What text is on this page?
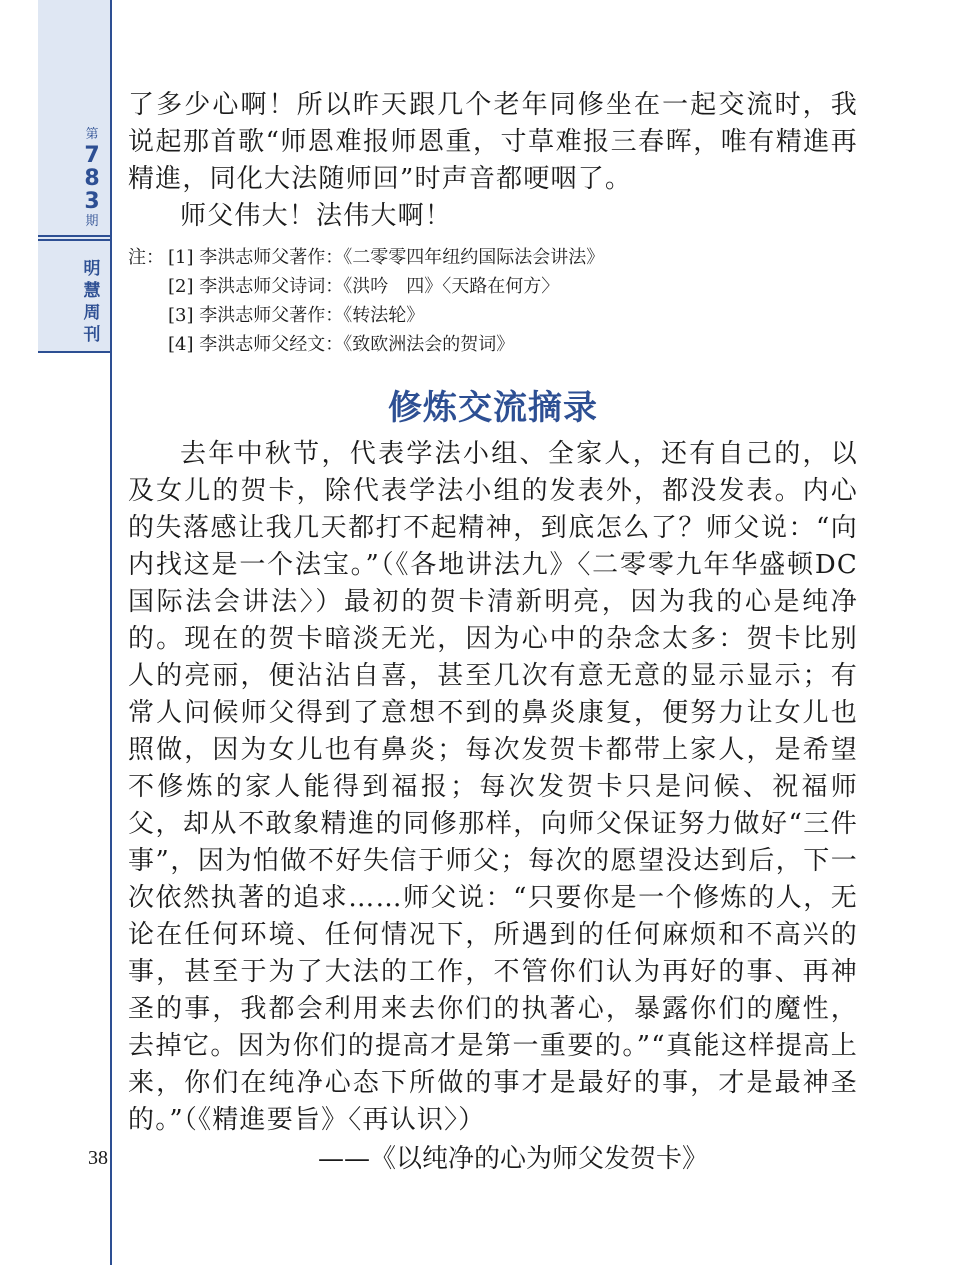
第
7
8
3
期
明
慧
周
刊

了多少心啊！所以昨天跟几个老年同修坐在一起交流时，我说起那首歌“师恩难报师恩重，寸草难报三春晖，唯有精進再精進，同化大法随师回”时声音都哽咽了。

师父伟大！法伟大啊！

注： [1] 李洪志师父著作：《二零零四年纽约国际法会讲法》
[2] 李洪志师父诗词：《洪吟　四》〈天路在何方〉
[3] 李洪志师父著作：《转法轮》
[4] 李洪志师父经文：《致欧洲法会的贺词》
修炼交流摘录

去年中秋节，代表学法小组、全家人，还有自己的，以及女儿的贺卡，除代表学法小组的发表外，都没发表。内心的失落感让我几天都打不起精神，到底怎么了？师父说：“向内找这是一个法宝。”（《各地讲法九》〈二零零九年华盛顿DC国际法会讲法〉）最初的贺卡清新明亮，因为我的心是纯净的。现在的贺卡暗淡无光，因为心中的杂念太多：贺卡比别人的亮丽，便沾沾自喜，甚至几次有意无意的显示显示；有常人问候师父得到了意想不到的鼻炎康复，便努力让女儿也照做，因为女儿也有鼻炎；每次发贺卡都带上家人，是希望不修炼的家人能得到福报；每次发贺卡只是问候、祝福师父，却从不敢象精進的同修那样，向师父保证努力做好“三件事”，因为怕做不好失信于师父；每次的愿望没达到后，下一次依然执著的追求……师父说：“只要你是一个修炼的人，无论在任何环境、任何情况下，所遇到的任何麻烦和不高兴的事，甚至于为了大法的工作，不管你们认为再好的事、再神圣的事，我都会利用来去你们的执著心，暴露你们的魔性，去掉它。因为你们的提高才是第一重要的。”“真能这样提高上来，你们在纯净心态下所做的事才是最好的事，才是最神圣的。”（《精進要旨》〈再认识〉）

——《以纯净的心为师父发贺卡》
38
